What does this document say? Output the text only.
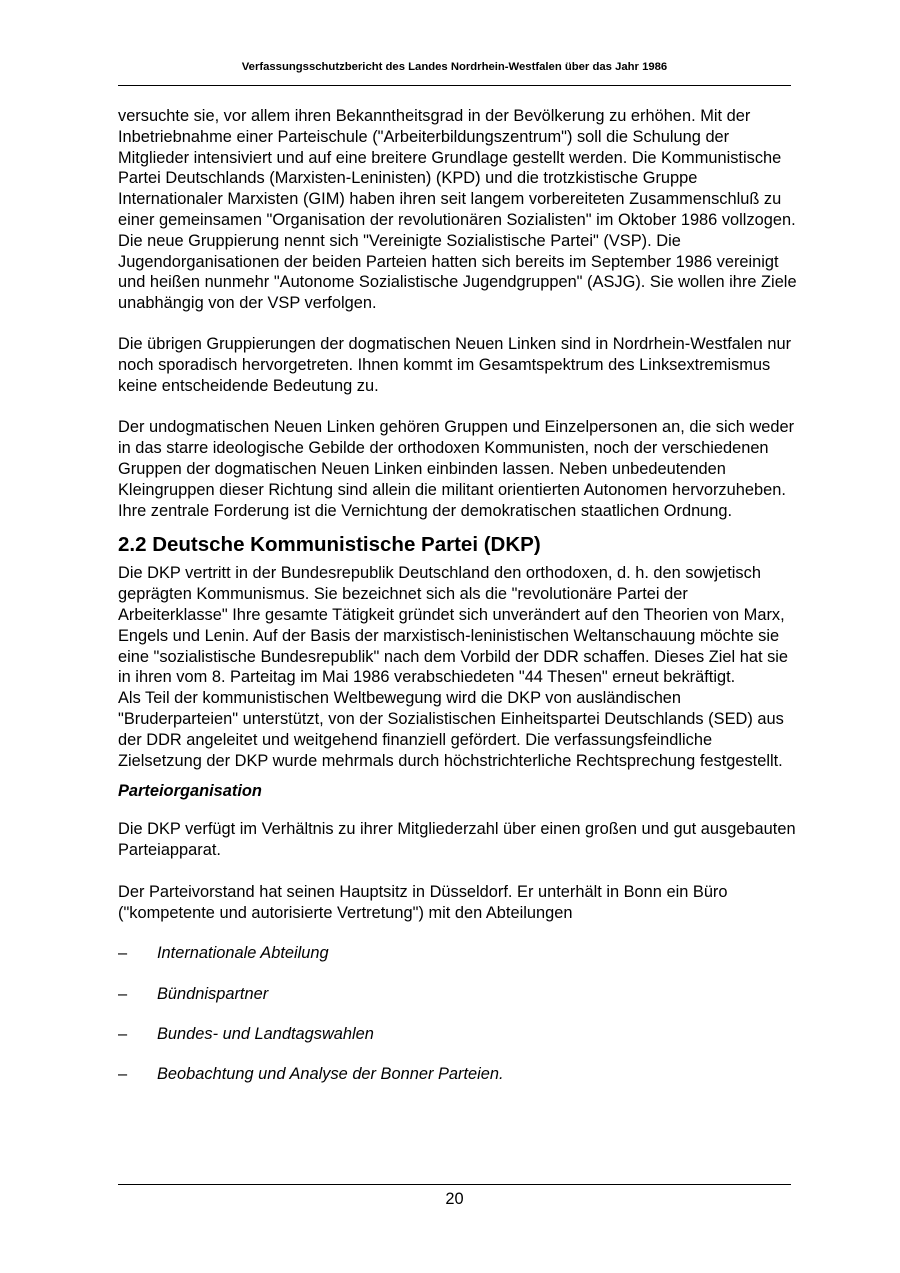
Verfassungsschutzbericht des Landes Nordrhein-Westfalen über das Jahr 1986

versuchte sie, vor allem ihren Bekanntheitsgrad in der Bevölkerung zu erhöhen. Mit der Inbetriebnahme einer Parteischule ("Arbeiterbildungszentrum") soll die Schulung der Mitglieder intensiviert und auf eine breitere Grundlage gestellt werden. Die Kommunistische Partei Deutschlands (Marxisten-Leninisten) (KPD) und die trotzkistische Gruppe Internationaler Marxisten (GIM) haben ihren seit langem vorbereiteten Zusammenschluß zu einer gemeinsamen "Organisation der revolutionären Sozialisten" im Oktober 1986 vollzogen. Die neue Gruppierung nennt sich "Vereinigte Sozialistische Partei" (VSP). Die Jugendorganisationen der beiden Parteien hatten sich bereits im September 1986 vereinigt und heißen nunmehr "Autonome Sozialistische Jugendgruppen" (ASJG). Sie wollen ihre Ziele unabhängig von der VSP verfolgen.

Die übrigen Gruppierungen der dogmatischen Neuen Linken sind in Nordrhein-Westfalen nur noch sporadisch hervorgetreten. Ihnen kommt im Gesamtspektrum des Linksextremismus keine entscheidende Bedeutung zu.

Der undogmatischen Neuen Linken gehören Gruppen und Einzelpersonen an, die sich weder in das starre ideologische Gebilde der orthodoxen Kommunisten, noch der verschiedenen Gruppen der dogmatischen Neuen Linken einbinden lassen. Neben unbedeutenden Kleingruppen dieser Richtung sind allein die militant orientierten Autonomen hervorzuheben. Ihre zentrale Forderung ist die Vernichtung der demokratischen staatlichen Ordnung.

2.2 Deutsche Kommunistische Partei (DKP)

Die DKP vertritt in der Bundesrepublik Deutschland den orthodoxen, d. h. den sowjetisch geprägten Kommunismus. Sie bezeichnet sich als die "revolutionäre Partei der Arbeiterklasse" Ihre gesamte Tätigkeit gründet sich unverändert auf den Theorien von Marx, Engels und Lenin. Auf der Basis der marxistisch-leninistischen Weltanschauung möchte sie eine "sozialistische Bundesrepublik" nach dem Vorbild der DDR schaffen. Dieses Ziel hat sie in ihren vom 8. Parteitag im Mai 1986 verabschiedeten "44 Thesen" erneut bekräftigt.

Als Teil der kommunistischen Weltbewegung wird die DKP von ausländischen "Bruderparteien" unterstützt, von der Sozialistischen Einheitspartei Deutschlands (SED) aus der DDR angeleitet und weitgehend finanziell gefördert. Die verfassungsfeindliche Zielsetzung der DKP wurde mehrmals durch höchstrichterliche Rechtsprechung festgestellt.

Parteiorganisation

Die DKP verfügt im Verhältnis zu ihrer Mitgliederzahl über einen großen und gut ausgebauten Parteiapparat.

Der Parteivorstand hat seinen Hauptsitz in Düsseldorf. Er unterhält in Bonn ein Büro ("kompetente und autorisierte Vertretung") mit den Abteilungen

– Internationale Abteilung
– Bündnispartner
– Bundes- und Landtagswahlen
– Beobachtung und Analyse der Bonner Parteien.
20
